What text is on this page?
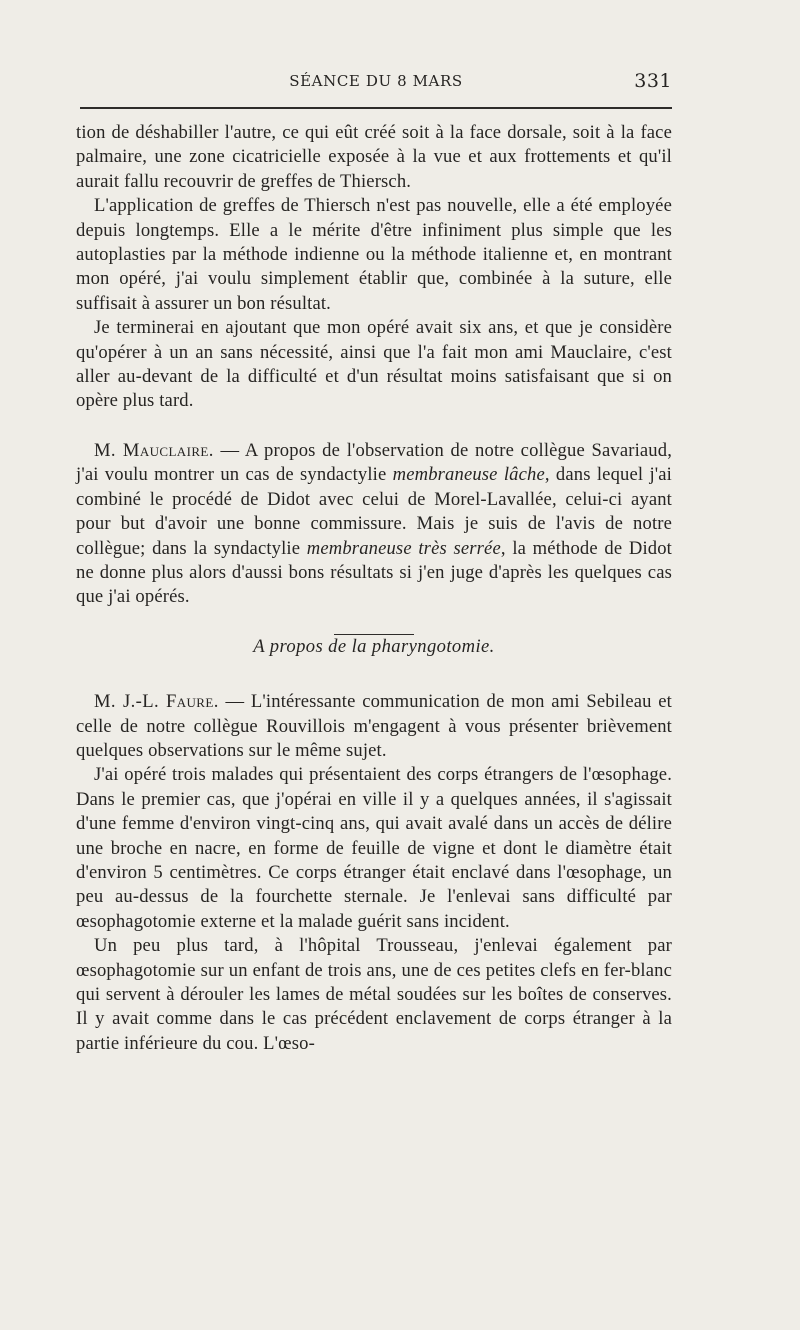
SÉANCE DU 8 MARS	331

tion de déshabiller l'autre, ce qui eût créé soit à la face dorsale, soit à la face palmaire, une zone cicatricielle exposée à la vue et aux frottements et qu'il aurait fallu recouvrir de greffes de Thiersch.

L'application de greffes de Thiersch n'est pas nouvelle, elle a été employée depuis longtemps. Elle a le mérite d'être infiniment plus simple que les autoplasties par la méthode indienne ou la méthode italienne et, en montrant mon opéré, j'ai voulu simplement établir que, combinée à la suture, elle suffisait à assurer un bon résultat.

Je terminerai en ajoutant que mon opéré avait six ans, et que je considère qu'opérer à un an sans nécessité, ainsi que l'a fait mon ami Mauclaire, c'est aller au-devant de la difficulté et d'un résultat moins satisfaisant que si on opère plus tard.

M. Mauclaire. — A propos de l'observation de notre collègue Savariaud, j'ai voulu montrer un cas de syndactylie membraneuse lâche, dans lequel j'ai combiné le procédé de Didot avec celui de Morel-Lavallée, celui-ci ayant pour but d'avoir une bonne commissure. Mais je suis de l'avis de notre collègue; dans la syndactylie membraneuse très serrée, la méthode de Didot ne donne plus alors d'aussi bons résultats si j'en juge d'après les quelques cas que j'ai opérés.

A propos de la pharyngotomie.

M. J.-L. Faure. — L'intéressante communication de mon ami Sebileau et celle de notre collègue Rouvillois m'engagent à vous présenter brièvement quelques observations sur le même sujet.

J'ai opéré trois malades qui présentaient des corps étrangers de l'œsophage. Dans le premier cas, que j'opérai en ville il y a quelques années, il s'agissait d'une femme d'environ vingt-cinq ans, qui avait avalé dans un accès de délire une broche en nacre, en forme de feuille de vigne et dont le diamètre était d'environ 5 centimètres. Ce corps étranger était enclavé dans l'œsophage, un peu au-dessus de la fourchette sternale. Je l'enlevai sans difficulté par œsophagotomie externe et la malade guérit sans incident.

Un peu plus tard, à l'hôpital Trousseau, j'enlevai également par œsophagotomie sur un enfant de trois ans, une de ces petites clefs en fer-blanc qui servent à dérouler les lames de métal soudées sur les boîtes de conserves. Il y avait comme dans le cas précédent enclavement de corps étranger à la partie inférieure du cou. L'œso-
